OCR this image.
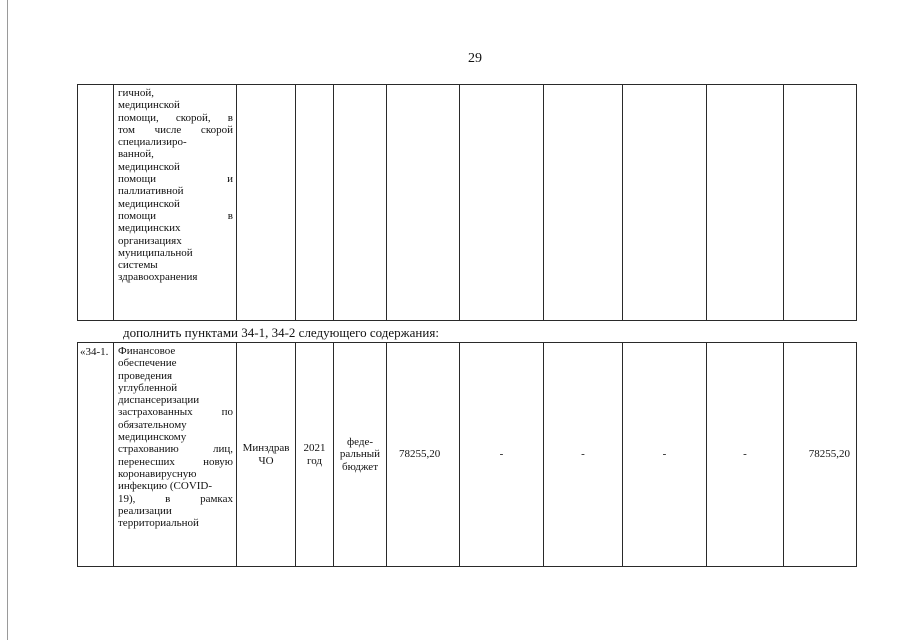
29

гичной,
медицинской
помощи, скорой, в
том числе скорой
специализиро-
ванной,
медицинской
помощи и
паллиативной
медицинской
помощи в
медицинских
организациях
муниципальной
системы
здравоохранения

дополнить пунктами 34-1, 34-2 следующего содержания:
«34-1.	Финансовое
обеспечение
проведения
углубленной
диспансеризации
застрахованных по
обязательному
медицинскому
страхованию лиц,
перенесших новую
коронавирусную
инфекцию (COVID-
19), в рамках
реализации
территориальной
	Минздрав ЧО	2021 год	феде-ральный бюджет	78255,20	-	-	-	-	78255,20
